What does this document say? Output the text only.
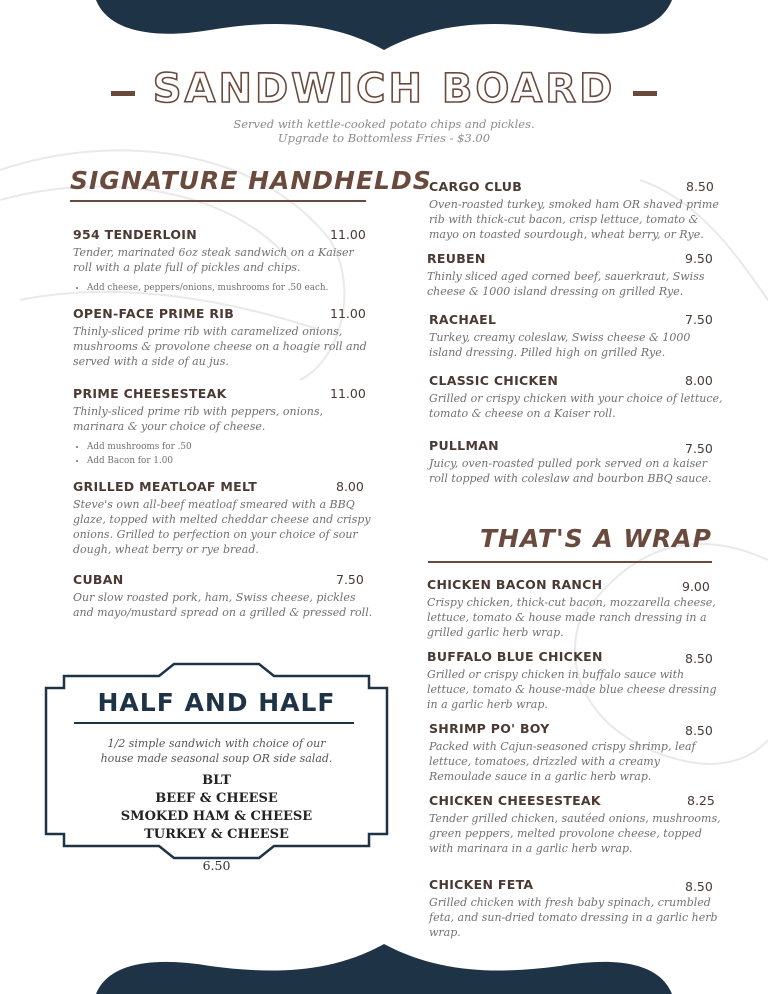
SANDWICH BOARD
Served with kettle-cooked potato chips and pickles.
Upgrade to Bottomless Fries - $3.00
SIGNATURE HANDHELDS
954 TENDERLOIN	11.00
Tender, marinated 6oz steak sandwich on a Kaiser roll with a plate full of pickles and chips.
• Add cheese, peppers/onions, mushrooms for .50 each.
OPEN-FACE PRIME RIB	11.00
Thinly-sliced prime rib with caramelized onions, mushrooms & provolone cheese on a hoagie roll and served with a side of au jus.
PRIME CHEESESTEAK	11.00
Thinly-sliced prime rib with peppers, onions, marinara & your choice of cheese.
• Add mushrooms for .50
• Add Bacon for 1.00
GRILLED MEATLOAF MELT	8.00
Steve's own all-beef meatloaf smeared with a BBQ glaze, topped with melted cheddar cheese and crispy onions. Grilled to perfection on your choice of sour dough, wheat berry or rye bread.
CUBAN	7.50
Our slow roasted pork, ham, Swiss cheese, pickles and mayo/mustard spread on a grilled & pressed roll.
HALF AND HALF
1/2 simple sandwich with choice of our house made seasonal soup OR side salad.
BLT
BEEF & CHEESE
SMOKED HAM & CHEESE
TURKEY & CHEESE
6.50
CARGO CLUB	8.50
Oven-roasted turkey, smoked ham OR shaved prime rib with thick-cut bacon, crisp lettuce, tomato & mayo on toasted sourdough, wheat berry, or Rye.
REUBEN	9.50
Thinly sliced aged corned beef, sauerkraut, Swiss cheese & 1000 island dressing on grilled Rye.
RACHAEL	7.50
Turkey, creamy coleslaw, Swiss cheese & 1000 island dressing. Pilled high on grilled Rye.
CLASSIC CHICKEN	8.00
Grilled or crispy chicken with your choice of lettuce, tomato & cheese on a Kaiser roll.
PULLMAN	7.50
Juicy, oven-roasted pulled pork served on a kaiser roll topped with coleslaw and bourbon BBQ sauce.
THAT'S A WRAP
CHICKEN BACON RANCH	9.00
Crispy chicken, thick-cut bacon, mozzarella cheese, lettuce, tomato & house made ranch dressing in a grilled garlic herb wrap.
BUFFALO BLUE CHICKEN	8.50
Grilled or crispy chicken in buffalo sauce with lettuce, tomato & house-made blue cheese dressing in a garlic herb wrap.
SHRIMP PO' BOY	8.50
Packed with Cajun-seasoned crispy shrimp, leaf lettuce, tomatoes, drizzled with a creamy Remoulade sauce in a garlic herb wrap.
CHICKEN CHEESESTEAK	8.25
Tender grilled chicken, sautéed onions, mushrooms, green peppers, melted provolone cheese, topped with marinara in a garlic herb wrap.
CHICKEN FETA	8.50
Grilled chicken with fresh baby spinach, crumbled feta, and sun-dried tomato dressing in a garlic herb wrap.
